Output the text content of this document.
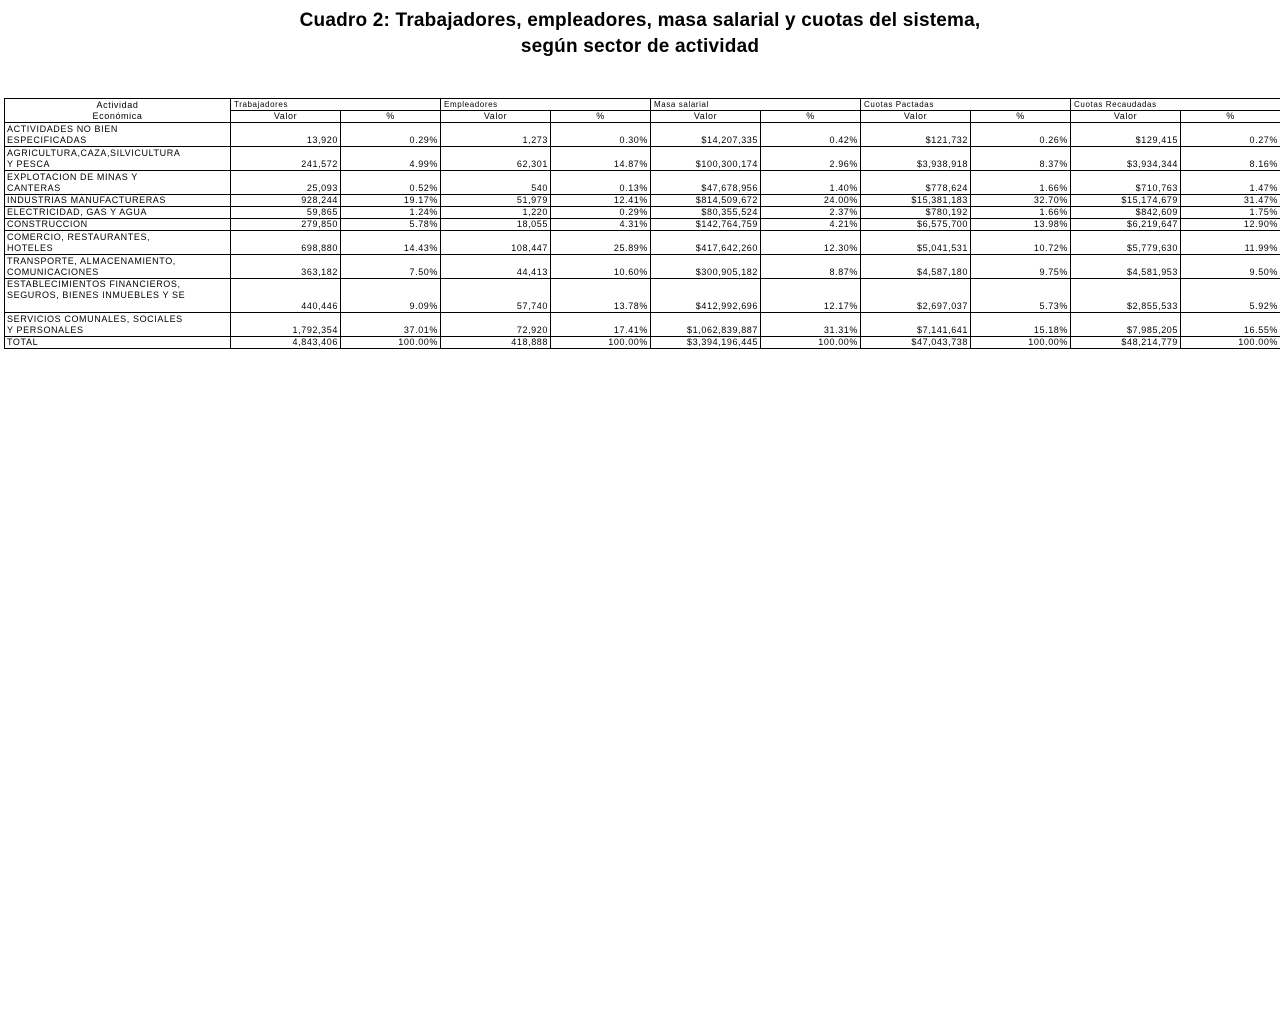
Cuadro 2: Trabajadores, empleadores, masa salarial y cuotas del sistema,
según sector de actividad
Actividad
Económica	Trabajadores		Empleadores		Masa salarial		Cuotas Pactadas		Cuotas Recaudadas	
	Valor	%	Valor	%	Valor	%	Valor	%	Valor	%
ACTIVIDADES NO BIEN
ESPECIFICADAS	13,920	0.29%	1,273	0.30%	$14,207,335	0.42%	$121,732	0.26%	$129,415	0.27%
AGRICULTURA,CAZA,SILVICULTURA
Y PESCA	241,572	4.99%	62,301	14.87%	$100,300,174	2.96%	$3,938,918	8.37%	$3,934,344	8.16%
EXPLOTACION DE MINAS Y
CANTERAS	25,093	0.52%	540	0.13%	$47,678,956	1.40%	$778,624	1.66%	$710,763	1.47%
INDUSTRIAS MANUFACTURERAS	928,244	19.17%	51,979	12.41%	$814,509,672	24.00%	$15,381,183	32.70%	$15,174,679	31.47%
ELECTRICIDAD, GAS Y AGUA	59,865	1.24%	1,220	0.29%	$80,355,524	2.37%	$780,192	1.66%	$842,609	1.75%
CONSTRUCCION	279,850	5.78%	18,055	4.31%	$142,764,759	4.21%	$6,575,700	13.98%	$6,219,647	12.90%
COMERCIO, RESTAURANTES,
HOTELES	698,880	14.43%	108,447	25.89%	$417,642,260	12.30%	$5,041,531	10.72%	$5,779,630	11.99%
TRANSPORTE, ALMACENAMIENTO,
COMUNICACIONES	363,182	7.50%	44,413	10.60%	$300,905,182	8.87%	$4,587,180	9.75%	$4,581,953	9.50%
ESTABLECIMIENTOS FINANCIEROS,
SEGUROS, BIENES INMUEBLES Y SE	440,446	9.09%	57,740	13.78%	$412,992,696	12.17%	$2,697,037	5.73%	$2,855,533	5.92%
SERVICIOS COMUNALES, SOCIALES
Y PERSONALES	1,792,354	37.01%	72,920	17.41%	$1,062,839,887	31.31%	$7,141,641	15.18%	$7,985,205	16.55%
TOTAL	4,843,406	100.00%	418,888	100.00%	$3,394,196,445	100.00%	$47,043,738	100.00%	$48,214,779	100.00%
